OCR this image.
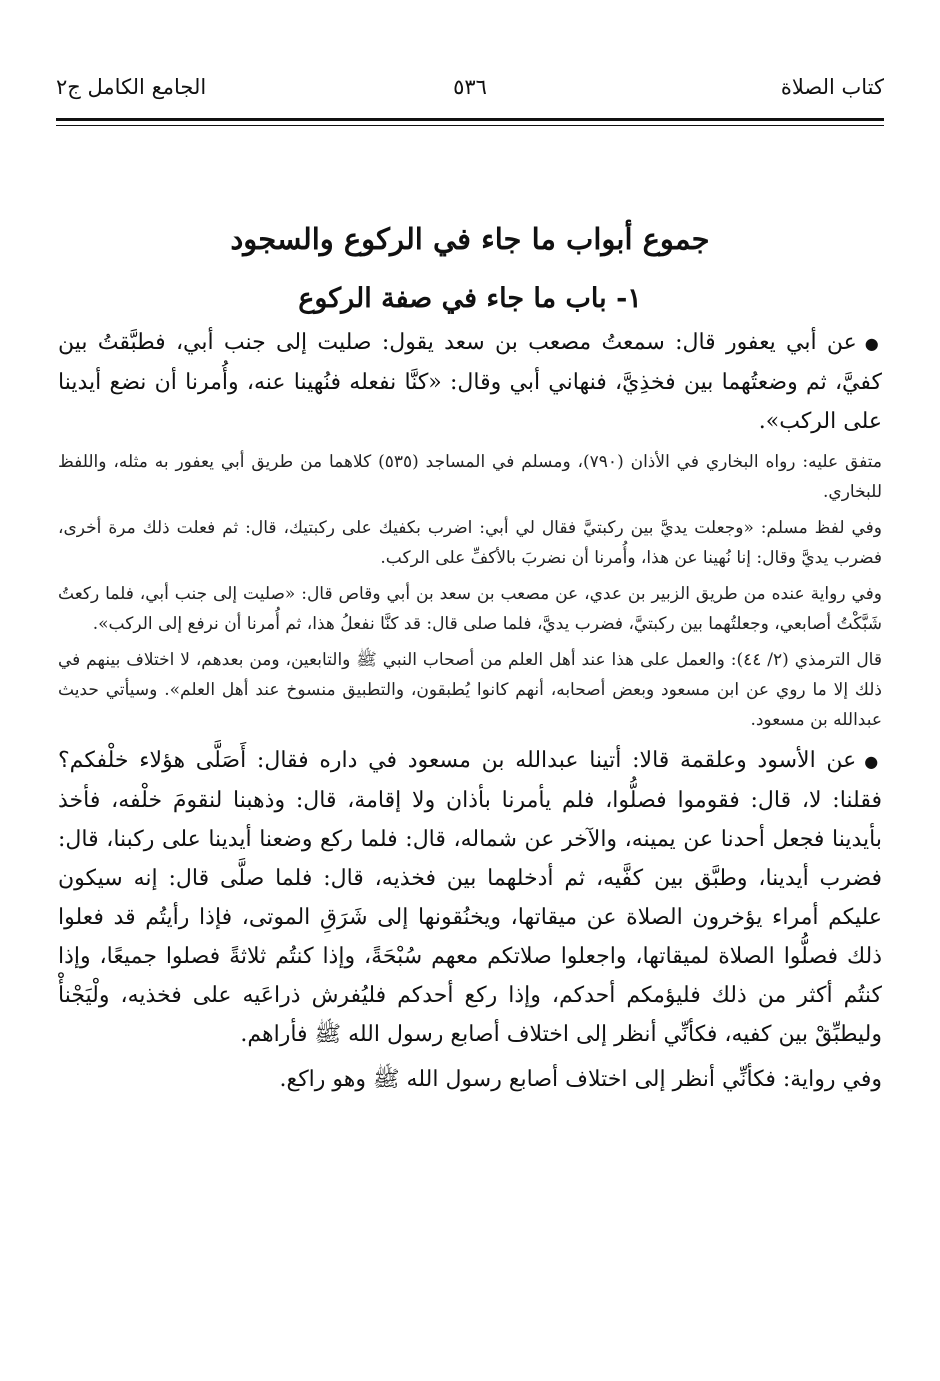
كتاب الصلاة
٥٣٦
الجامع الكامل ج٢
جموع أبواب ما جاء في الركوع والسجود
١- باب ما جاء في صفة الركوع

●عن أبي يعفور قال: سمعتُ مصعب بن سعد يقول: صليت إلى جنب أبي، فطبَّقتُ بين كفيَّ، ثم وضعتُهما بين فخذِيَّ، فنهاني أبي وقال: «كنَّا نفعله فنُهينا عنه، وأُمرنا أن نضع أيدينا على الركب».

متفق عليه: رواه البخاري في الأذان (٧٩٠)، ومسلم في المساجد (٥٣٥) كلاهما من طريق أبي يعفور به مثله، واللفظ للبخاري.

وفي لفظ مسلم: «وجعلت يديَّ بين ركبتيَّ فقال لي أبي: اضرب بكفيك على ركبتيك، قال: ثم فعلت ذلك مرة أخرى، فضرب يديَّ وقال: إنا نُهينا عن هذا، وأُمرنا أن نضربَ بالأكفِّ على الركب.

وفي رواية عنده من طريق الزبير بن عدي، عن مصعب بن سعد بن أبي وقاص قال: «صليت إلى جنب أبي، فلما ركعتُ شَبَّكْتُ أصابعي، وجعلتُهما بين ركبتيَّ، فضرب يديَّ، فلما صلى قال: قد كنَّا نفعلُ هذا، ثم أُمرنا أن نرفع إلى الركب».

قال الترمذي (٢/ ٤٤): والعمل على هذا عند أهل العلم من أصحاب النبي ﷺ والتابعين، ومن بعدهم، لا اختلاف بينهم في ذلك إلا ما روي عن ابن مسعود وبعض أصحابه، أنهم كانوا يُطبقون، والتطبيق منسوخ عند أهل العلم». وسيأتي حديث عبدالله بن مسعود.

●عن الأسود وعلقمة قالا: أتينا عبدالله بن مسعود في داره فقال: أَصَلَّى هؤلاء خلْفكم؟ فقلنا: لا، قال: فقوموا فصلُّوا، فلم يأمرنا بأذان ولا إقامة، قال: وذهبنا لنقومَ خلْفه، فأخذ بأيدينا فجعل أحدنا عن يمينه، والآخر عن شماله، قال: فلما ركع وضعنا أيدينا على ركبنا، قال: فضرب أيدينا، وطبَّق بين كفَّيه، ثم أدخلهما بين فخذيه، قال: فلما صلَّى قال: إنه سيكون عليكم أمراء يؤخرون الصلاة عن ميقاتها، ويخنُقونها إلى شَرَقِ الموتى، فإذا رأيتُم قد فعلوا ذلك فصلُّوا الصلاة لميقاتها، واجعلوا صلاتكم معهم سُبْحَةً، وإذا كنتُم ثلاثةً فصلوا جميعًا، وإذا كنتُم أكثر من ذلك فليؤمكم أحدكم، وإذا ركع أحدكم فليُفرش ذراعَيه على فخذيه، ولْيَجْنأْ وليطبِّقْ بين كفيه، فكأنِّي أنظر إلى اختلاف أصابع رسول الله ﷺ فأراهم.

وفي رواية: فكأنِّي أنظر إلى اختلاف أصابع رسول الله ﷺ وهو راكع.
